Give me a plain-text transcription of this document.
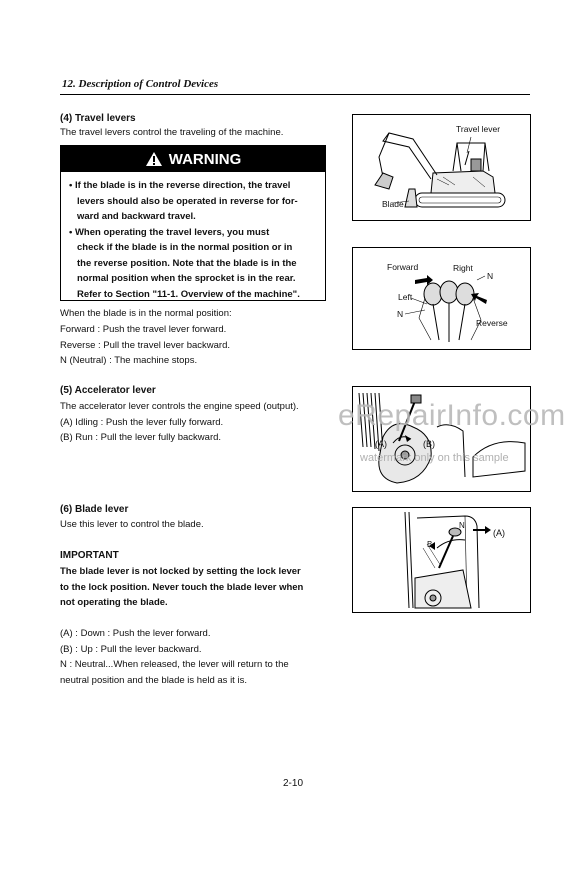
12. Description of Control Devices
(4) Travel levers
The travel levers control the traveling of the machine.
WARNING
• If the blade is in the reverse direction, the travel
levers should also be operated in reverse for for-
ward and backward travel.
• When operating the travel levers, you must
check if the blade is in the normal position or in
the reverse position. Note that the blade is in the
normal position when the sprocket is in the rear.
Refer to Section "11-1. Overview of the machine".
When the blade is in the normal position:
Forward : Push the travel lever forward.
Reverse : Pull the travel lever backward.
N (Neutral) : The machine stops.
Travel lever
Blade
Forward	Right
N
Left
N
Reverse
(5) Accelerator lever
The accelerator lever controls the engine speed (output).
(A) Idling : Push the lever fully forward.
(B) Run : Pull the lever fully backward.
(A)	(B)
eRepairInfo.com
watermark only on this sample
(6) Blade lever
Use this lever to control the blade.
IMPORTANT
The blade lever is not locked by setting the lock lever
to the lock position. Never touch the blade lever when
not operating the blade.
(A) : Down : Push the lever forward.
(B) : Up : Pull the lever backward.
N : Neutral...When released, the lever will return to the
neutral position and the blade is held as it is.
(A)
B
N
2-10
